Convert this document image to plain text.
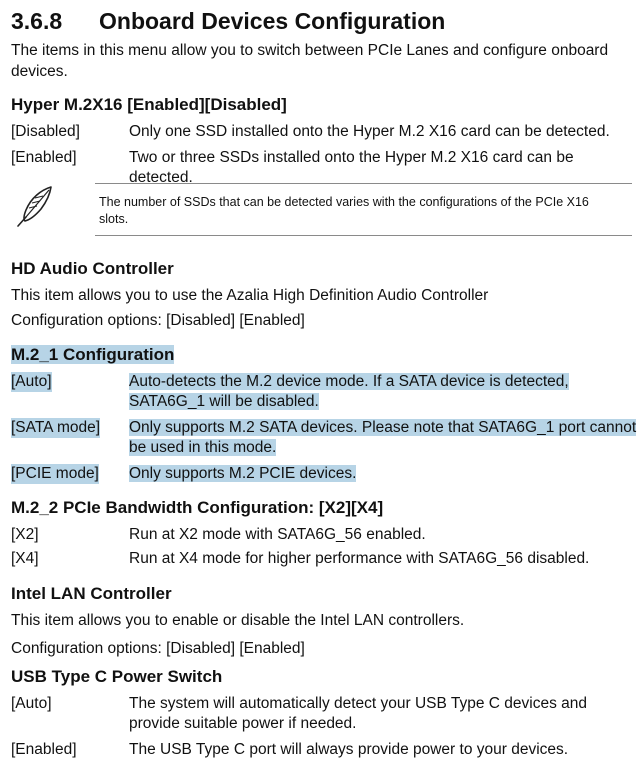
3.6.8 Onboard Devices Configuration
The items in this menu allow you to switch between PCIe Lanes and configure onboard devices.
Hyper M.2X16 [Enabled][Disabled]
[Disabled]	Only one SSD installed onto the Hyper M.2 X16 card can be detected.
[Enabled]	Two or three SSDs installed onto the Hyper M.2 X16 card can be detected.
The number of SSDs that can be detected varies with the configurations of the PCIe X16 slots.
HD Audio Controller
This item allows you to use the Azalia High Definition Audio Controller
Configuration options: [Disabled] [Enabled]
M.2_1 Configuration
[Auto]	Auto-detects the M.2 device mode. If a SATA device is detected,
SATA6G_1 will be disabled.
[SATA mode] Only supports M.2 SATA devices. Please note that SATA6G_1 port cannot
be used in this mode.
[PCIE mode] Only supports M.2 PCIE devices.
M.2_2 PCIe Bandwidth Configuration: [X2][X4]
[X2]	Run at X2 mode with SATA6G_56 enabled.
[X4]	Run at X4 mode for higher performance with SATA6G_56 disabled.
Intel LAN Controller
This item allows you to enable or disable the Intel LAN controllers.
Configuration options: [Disabled] [Enabled]
USB Type C Power Switch
[Auto]	The system will automatically detect your USB Type C devices and provide suitable power if needed.
[Enabled]	The USB Type C port will always provide power to your devices.
